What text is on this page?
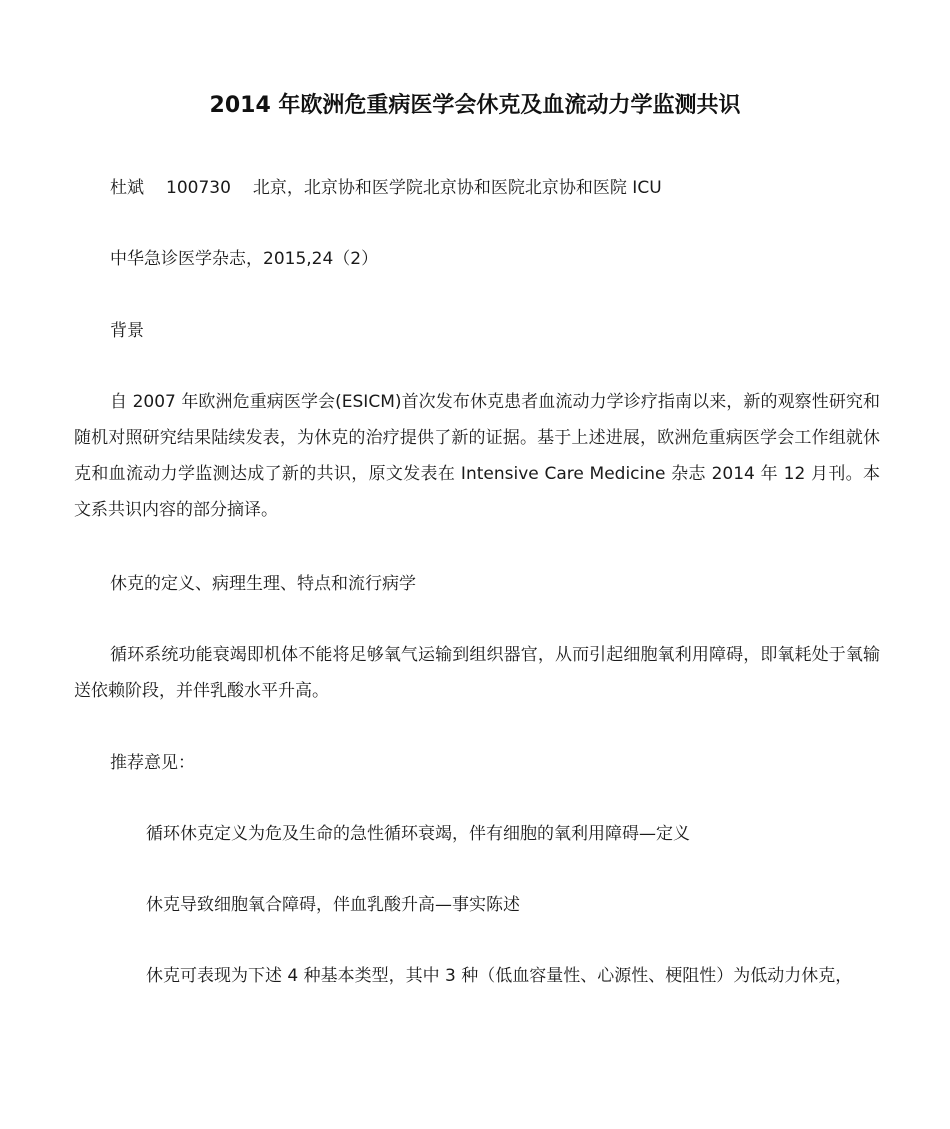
2014 年欧洲危重病医学会休克及血流动力学监测共识
杜斌 100730 北京，北京协和医学院北京协和医院北京协和医院 ICU
中华急诊医学杂志，2015,24（2）
背景
自 2007 年欧洲危重病医学会(ESICM)首次发布休克患者血流动力学诊疗指南以来，新的观察性研究和随机对照研究结果陆续发表，为休克的治疗提供了新的证据。基于上述进展，欧洲危重病医学会工作组就休克和血流动力学监测达成了新的共识，原文发表在 Intensive Care Medicine 杂志 2014 年 12 月刊。本文系共识内容的部分摘译。
休克的定义、病理生理、特点和流行病学
循环系统功能衰竭即机体不能将足够氧气运输到组织器官，从而引起细胞氧利用障碍，即氧耗处于氧输送依赖阶段，并伴乳酸水平升高。
推荐意见：
循环休克定义为危及生命的急性循环衰竭，伴有细胞的氧利用障碍—定义
休克导致细胞氧合障碍，伴血乳酸升高—事实陈述
休克可表现为下述 4 种基本类型，其中 3 种（低血容量性、心源性、梗阻性）为低动力休克，
